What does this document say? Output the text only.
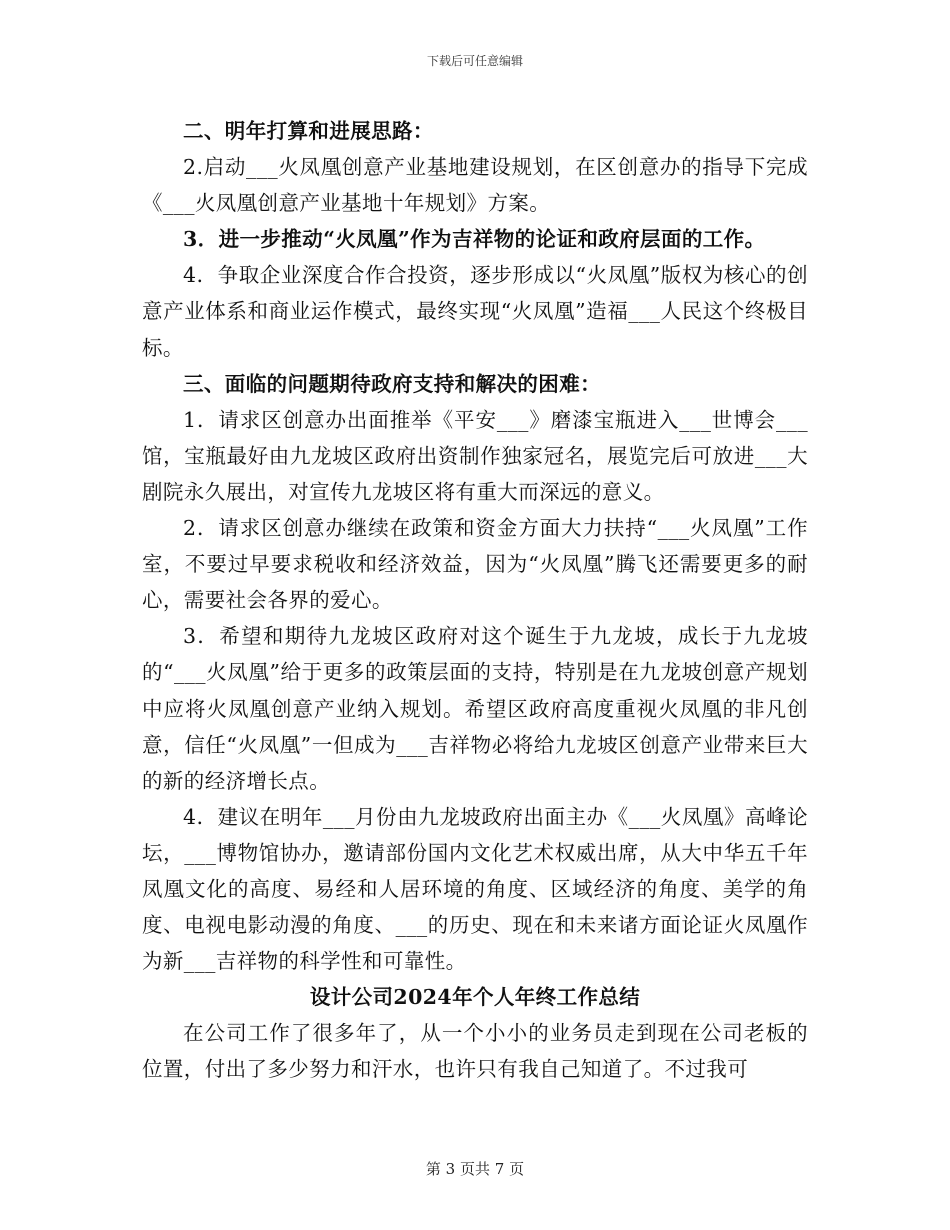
下载后可任意编辑

二、明年打算和进展思路：

2.启动___火凤凰创意产业基地建设规划，在区创意办的指导下完成《___火凤凰创意产业基地十年规划》方案。

3．进一步推动“火凤凰”作为吉祥物的论证和政府层面的工作。

4．争取企业深度合作合投资，逐步形成以“火凤凰”版权为核心的创意产业体系和商业运作模式，最终实现“火凤凰”造福___人民这个终极目标。

三、面临的问题期待政府支持和解决的困难：

1．请求区创意办出面推举《平安___》磨漆宝瓶进入___世博会___馆，宝瓶最好由九龙坡区政府出资制作独家冠名，展览完后可放进___大剧院永久展出，对宣传九龙坡区将有重大而深远的意义。

2．请求区创意办继续在政策和资金方面大力扶持“___火凤凰”工作室，不要过早要求税收和经济效益，因为“火凤凰”腾飞还需要更多的耐心，需要社会各界的爱心。

3．希望和期待九龙坡区政府对这个诞生于九龙坡，成长于九龙坡的“___火凤凰”给于更多的政策层面的支持，特别是在九龙坡创意产规划中应将火凤凰创意产业纳入规划。希望区政府高度重视火凤凰的非凡创意，信任“火凤凰”一但成为___吉祥物必将给九龙坡区创意产业带来巨大的新的经济增长点。

4．建议在明年___月份由九龙坡政府出面主办《___火凤凰》高峰论坛，___博物馆协办，邀请部份国内文化艺术权威出席，从大中华五千年凤凰文化的高度、易经和人居环境的角度、区域经济的角度、美学的角度、电视电影动漫的角度、___的历史、现在和未来诸方面论证火凤凰作为新___吉祥物的科学性和可靠性。

设计公司2024年个人年终工作总结

在公司工作了很多年了，从一个小小的业务员走到现在公司老板的位置，付出了多少努力和汗水，也许只有我自己知道了。不过我可

第 3 页共 7 页
